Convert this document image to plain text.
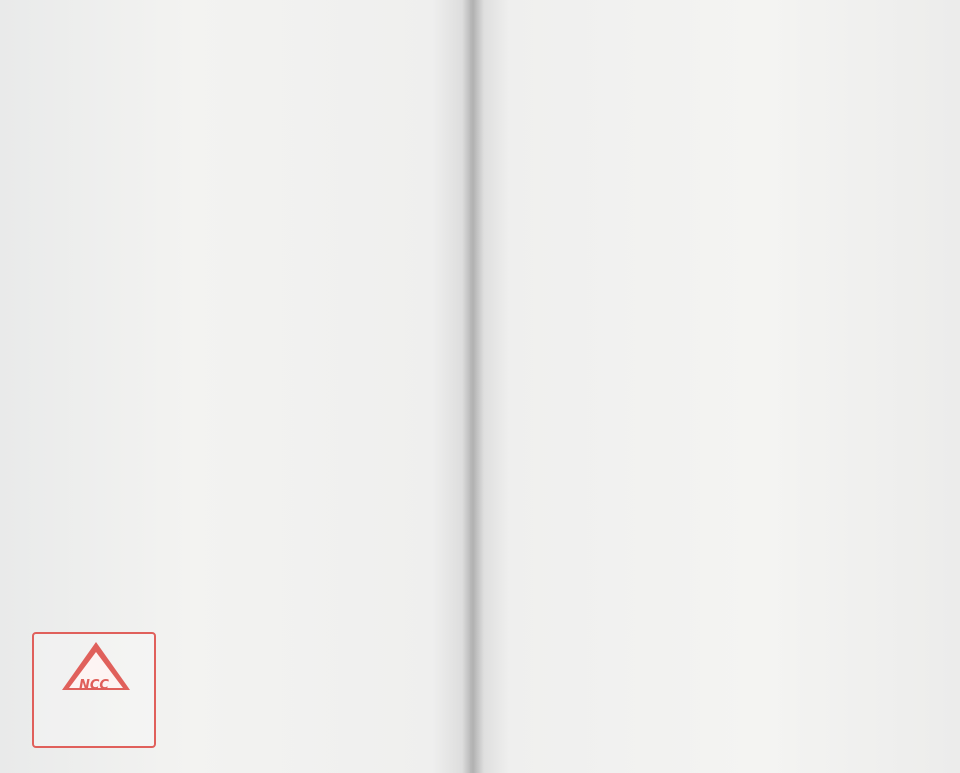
NCC
